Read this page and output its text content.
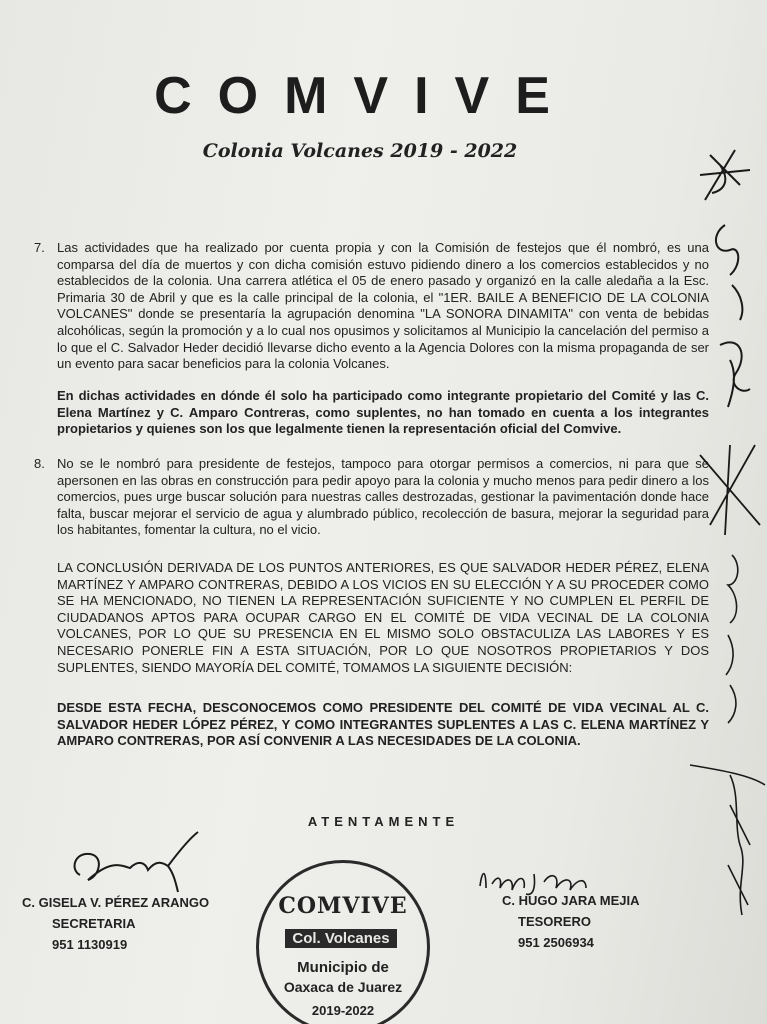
COMVIVE
Colonia Volcanes 2019 - 2022
7. Las actividades que ha realizado por cuenta propia y con la Comisión de festejos que él nombró, es una comparsa del día de muertos y con dicha comisión estuvo pidiendo dinero a los comercios establecidos y no establecidos de la colonia. Una carrera atlética el 05 de enero pasado y organizó en la calle aledaña a la Esc. Primaria 30 de Abril y que es la calle principal de la colonia, el "1ER. BAILE A BENEFICIO DE LA COLONIA VOLCANES" donde se presentaría la agrupación denomina "LA SONORA DINAMITA" con venta de bebidas alcohólicas, según la promoción y a lo cual nos opusimos y solicitamos al Municipio la cancelación del permiso a lo que el C. Salvador Heder decidió llevarse dicho evento a la Agencia Dolores con la misma propaganda de ser un evento para sacar beneficios para la colonia Volcanes.

En dichas actividades en dónde él solo ha participado como integrante propietario del Comité y las C. Elena Martínez y C. Amparo Contreras, como suplentes, no han tomado en cuenta a los integrantes propietarios y quienes son los que legalmente tienen la representación oficial del Comvive.

8. No se le nombró para presidente de festejos, tampoco para otorgar permisos a comercios, ni para que se apersonen en las obras en construcción para pedir apoyo para la colonia y mucho menos para pedir dinero a los comercios, pues urge buscar solución para nuestras calles destrozadas, gestionar la pavimentación donde hace falta, buscar mejorar el servicio de agua y alumbrado público, recolección de basura, mejorar la seguridad para los habitantes, fomentar la cultura, no el vicio.

LA CONCLUSIÓN DERIVADA DE LOS PUNTOS ANTERIORES, ES QUE SALVADOR HEDER PÉREZ, ELENA MARTÍNEZ Y AMPARO CONTRERAS, DEBIDO A LOS VICIOS EN SU ELECCIÓN Y A SU PROCEDER COMO SE HA MENCIONADO, NO TIENEN LA REPRESENTACIÓN SUFICIENTE Y NO CUMPLEN EL PERFIL DE CIUDADANOS APTOS PARA OCUPAR CARGO EN EL COMITÉ DE VIDA VECINAL DE LA COLONIA VOLCANES, POR LO QUE SU PRESENCIA EN EL MISMO SOLO OBSTACULIZA LAS LABORES Y ES NECESARIO PONERLE FIN A ESTA SITUACIÓN, POR LO QUE NOSOTROS PROPIETARIOS Y DOS SUPLENTES, SIENDO MAYORÍA DEL COMITÉ, TOMAMOS LA SIGUIENTE DECISIÓN:

DESDE ESTA FECHA, DESCONOCEMOS COMO PRESIDENTE DEL COMITÉ DE VIDA VECINAL AL C. SALVADOR HEDER LÓPEZ PÉREZ, Y COMO INTEGRANTES SUPLENTES A LAS C. ELENA MARTÍNEZ Y AMPARO CONTRERAS, POR ASÍ CONVENIR A LAS NECESIDADES DE LA COLONIA.

ATENTAMENTE
C. GISELA V. PÉREZ ARANGO
SECRETARIA
951 1130919
C. HUGO JARA MEJIA
TESORERO
951 2506934
COMVIVE
Col. Volcanes
Municipio de
Oaxaca de Juarez
2019-2022
